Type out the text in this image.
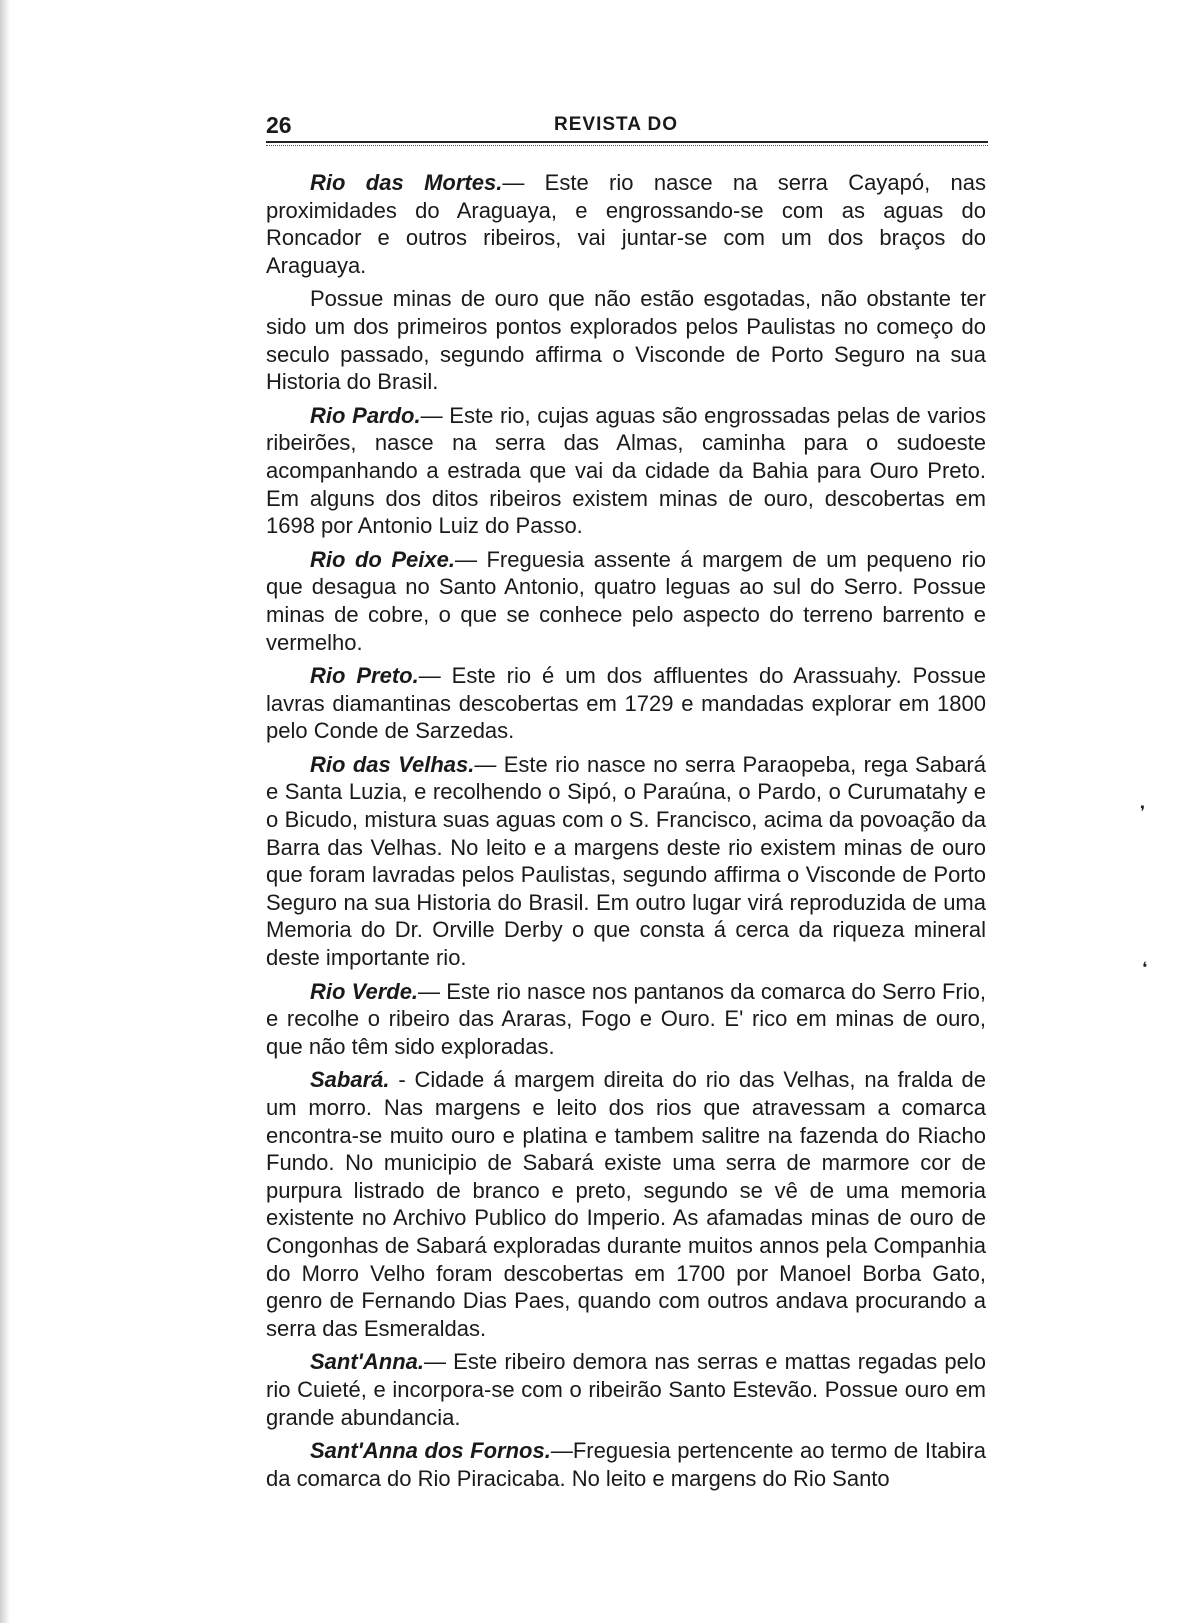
26	REVISTA DO

Rio das Mortes.— Este rio nasce na serra Cayapó, nas proximidades do Araguaya, e engrossando-se com as aguas do Roncador e outros ribeiros, vai juntar-se com um dos braços do Araguaya.

Possue minas de ouro que não estão esgotadas, não obstante ter sido um dos primeiros pontos explorados pelos Paulistas no começo do seculo passado, segundo affirma o Visconde de Porto Seguro na sua Historia do Brasil.

Rio Pardo.— Este rio, cujas aguas são engrossadas pelas de varios ribeirões, nasce na serra das Almas, caminha para o sudoeste acompanhando a estrada que vai da cidade da Bahia para Ouro Preto. Em alguns dos ditos ribeiros existem minas de ouro, descobertas em 1698 por Antonio Luiz do Passo.

Rio do Peixe.— Freguesia assente á margem de um pequeno rio que desagua no Santo Antonio, quatro leguas ao sul do Serro. Possue minas de cobre, o que se conhece pelo aspecto do terreno barrento e vermelho.

Rio Preto.— Este rio é um dos affluentes do Arassuahy. Possue lavras diamantinas descobertas em 1729 e mandadas explorar em 1800 pelo Conde de Sarzedas.

Rio das Velhas.— Este rio nasce no serra Paraopeba, rega Sabará e Santa Luzia, e recolhendo o Sipó, o Paraúna, o Pardo, o Curumatahy e o Bicudo, mistura suas aguas com o S. Francisco, acima da povoação da Barra das Velhas. No leito e a margens deste rio existem minas de ouro que foram lavradas pelos Paulistas, segundo affirma o Visconde de Porto Seguro na sua Historia do Brasil. Em outro lugar virá reproduzida de uma Memoria do Dr. Orville Derby o que consta á cerca da riqueza mineral deste importante rio.

Rio Verde.— Este rio nasce nos pantanos da comarca do Serro Frio, e recolhe o ribeiro das Araras, Fogo e Ouro. E' rico em minas de ouro, que não têm sido exploradas.

Sabará. - Cidade á margem direita do rio das Velhas, na fralda de um morro. Nas margens e leito dos rios que atravessam a comarca encontra-se muito ouro e platina e tambem salitre na fazenda do Riacho Fundo. No municipio de Sabará existe uma serra de marmore cor de purpura listrado de branco e preto, segundo se vê de uma memoria existente no Archivo Publico do Imperio. As afamadas minas de ouro de Congonhas de Sabará exploradas durante muitos annos pela Companhia do Morro Velho foram descobertas em 1700 por Manoel Borba Gato, genro de Fernando Dias Paes, quando com outros andava procurando a serra das Esmeraldas.

Sant'Anna.— Este ribeiro demora nas serras e mattas regadas pelo rio Cuieté, e incorpora-se com o ribeirão Santo Estevão. Possue ouro em grande abundancia.

Sant'Anna dos Fornos.—Freguesia pertencente ao termo de Itabira da comarca do Rio Piracicaba. No leito e margens do Rio Santo

❜
❛
